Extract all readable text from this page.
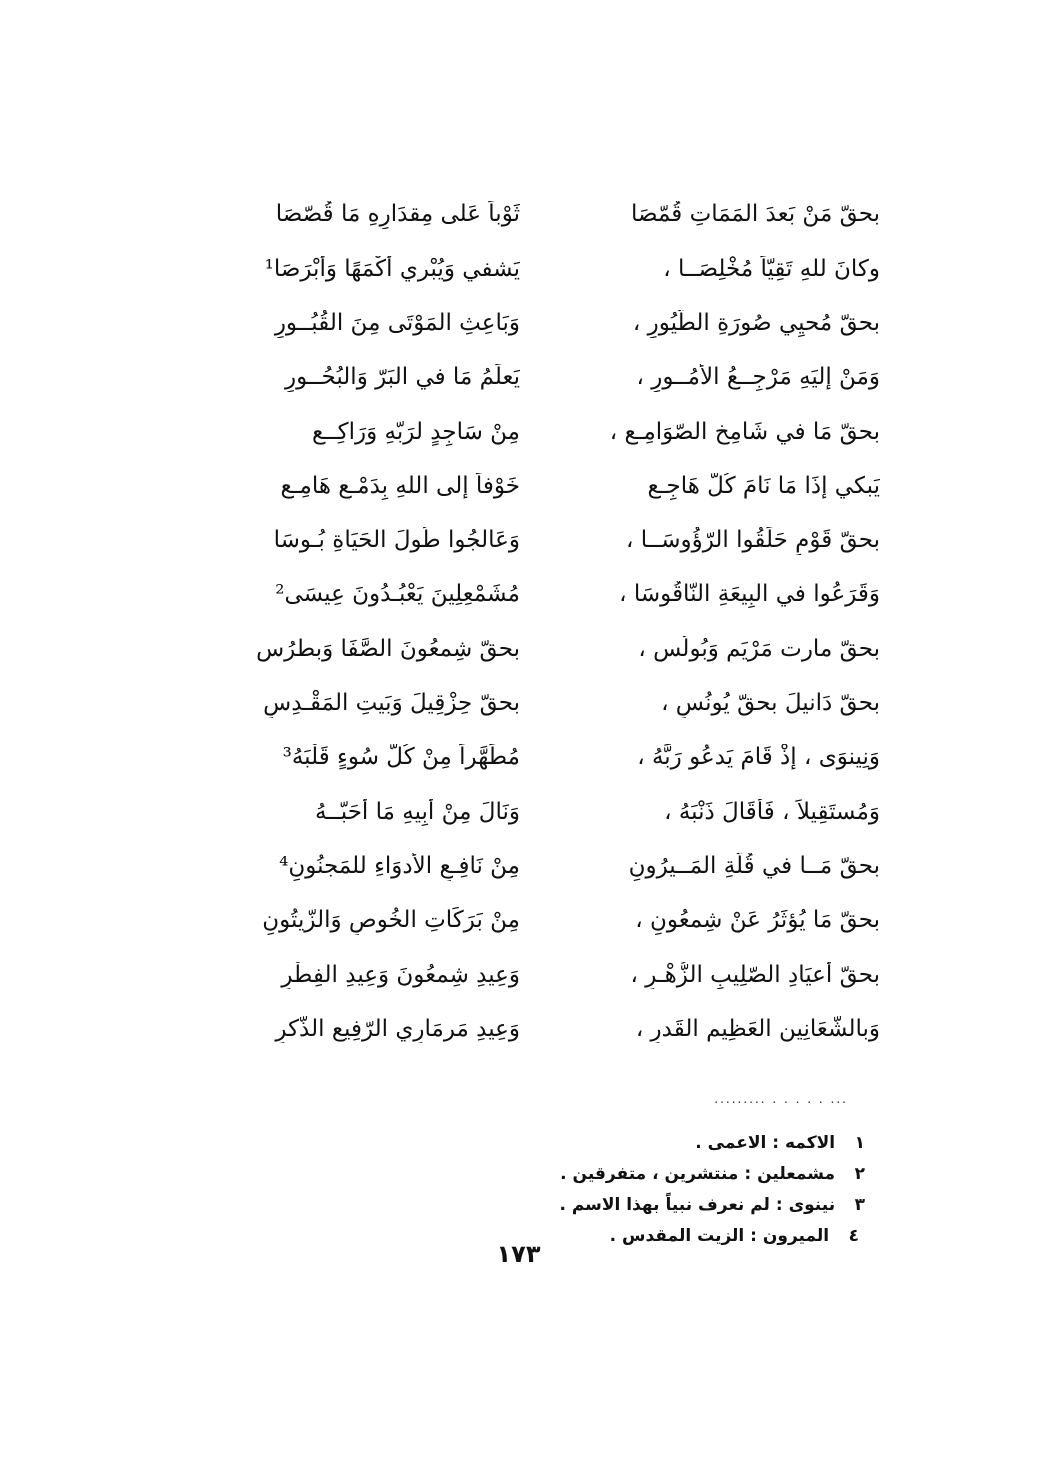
بحقّ مَنْ بَعدَ المَمَاتِ قُمّصَا
ثَوْباً عَلى مِقدَارِهِ مَا قُصّصَا
وكانَ للهِ تَقِيّاً مُخْلِصَــا ،
يَشفي وَيُبْري أكْمَهًا وَأبْرَصَا¹
بحقّ مُحيِي صُورَةِ الطّيُورِ ،
وَبَاعِثِ المَوْتَى مِنَ القُبُــورِ
وَمَنْ إليَهِ مَرْجِــعُ الأمُــورِ ،
يَعلَمُ مَا في البَرّ وَالبُحُــورِ
بحقّ مَا في شَامِخِ الصّوَامِـعِ ،
مِنْ سَاجِدٍ لرَبّهِ وَرَاكِــعِ
يَبكي إذَا مَا نَامَ كُلُّ هَاجِـعِ
خَوْفاً إلى اللهِ بِدَمْـعٍ هَامِـعِ
بحقّ قَوْمٍ حَلَقُوا الرّؤُوسَــا ،
وَعَالجُوا طُولَ الحَيَاةِ بُـوسَا
وَقَرَعُوا في البِيعَةِ النّاقُوسَا ،
مُشَمْعِلِينَ يَعْبُـدُونَ عِيسَى²
بحقّ مارت مَرْيَمٍ وَبُولُسِ ،
بحقّ شِمعُونَ الصَّفَا وَبطرُسِ
بحقّ دَانيلَ بحقّ يُونُسِ ،
بحقّ حِزْقِيلَ وَبَيتِ المَقْـدِسِ
وَنِينوَى ، إذْ قَامَ يَدعُو رَبَّهُ ،
مُطَهَّراً مِنْ كُلّ سُوءٍ قَلْبَهُ³
وَمُستَقِيلاً ، فَأقَالَ ذَنْبَهُ ،
وَنَالَ مِنْ أبِيهِ مَا أحَبّــهُ
بحقّ مَــا في قُلّةِ المَــيرُونِ
مِنْ نَافِـعِ الأدوَاءِ للمَجنُونِ⁴
بحقّ مَا يُؤثَرُ عَنْ شِمعُونِ ،
مِنْ بَرَكَاتِ الخُوصِ وَالزّيتُونِ
بحقّ أعيَادِ الصّلِيبِ الزُّهْـرِ ،
وَعِيدِ شِمعُونَ وَعِيدِ الفِطْرِ
وَبالشّعَانِينِ العَظِيمِ القَدرِ ،
وَعِيدِ مَرمَارِي الرّفِيعِ الذّكرِ
... . . . . . .........
١ الاكمه : الاعمى .
٢ مشمعلين : منتشرين ، متفرقين .
٣ نينوى : لم نعرف نبياً بهذا الاسم .
٤ الميرون : الزيت المقدس .
١٧٣
